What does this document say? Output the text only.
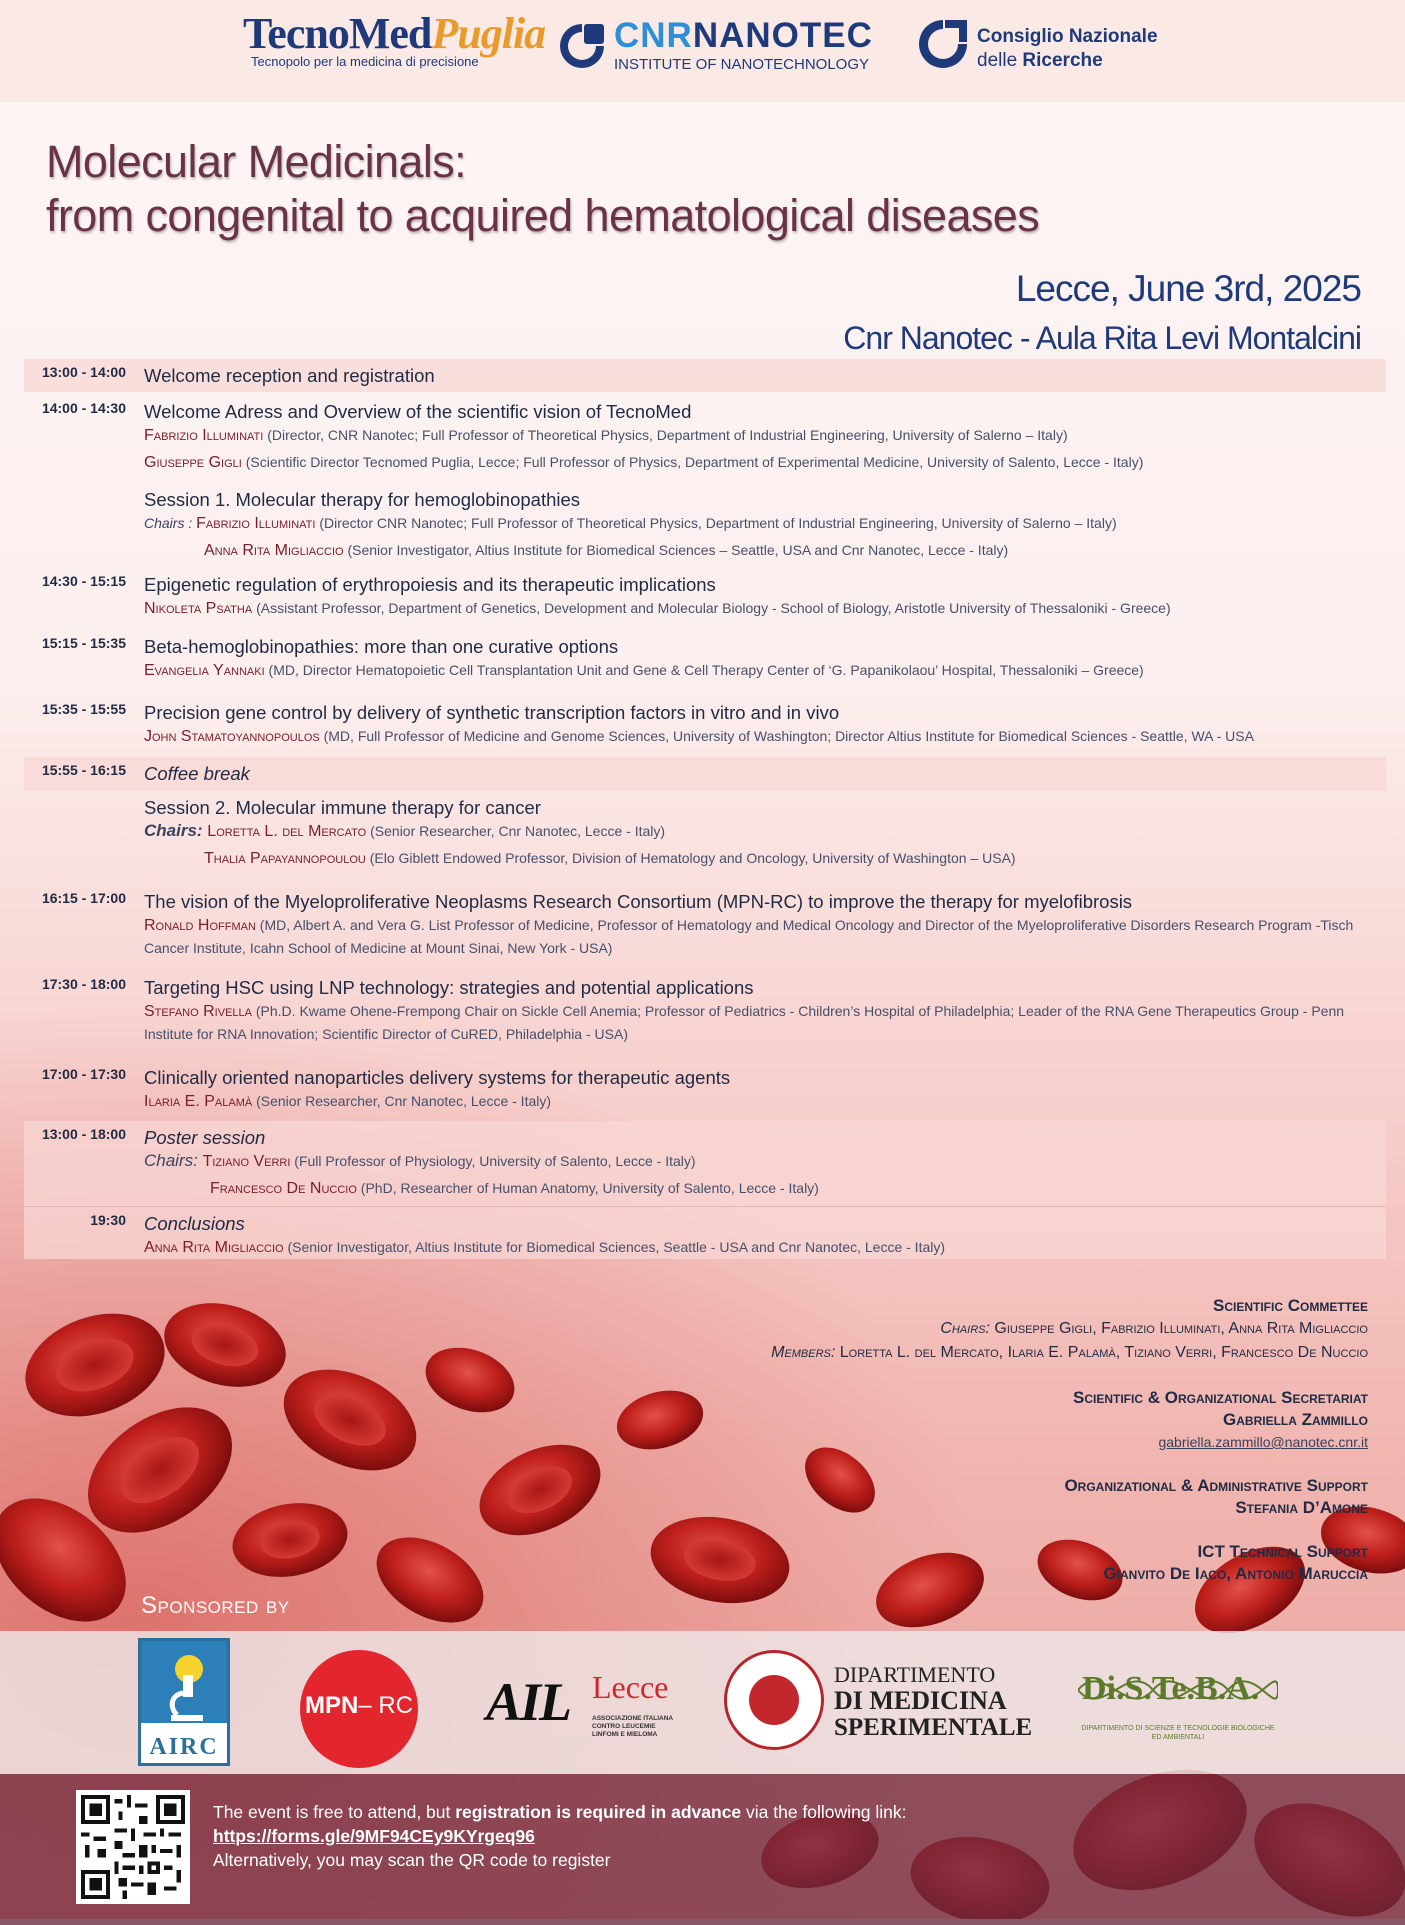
TecnoMedPuglia
Tecnopolo per la medicina di precisione
CNRNANOTEC
INSTITUTE OF NANOTECHNOLOGY
Consiglio Nazionale
delle Ricerche
Molecular Medicinals:
from congenital to acquired hematological diseases
Lecce, June 3rd, 2025
Cnr Nanotec - Aula Rita Levi Montalcini
13:00 - 14:00 Welcome reception and registration
14:00 - 14:30 Welcome Adress and Overview of the scientific vision of TecnoMed
Fabrizio Illuminati (Director, CNR Nanotec; Full Professor of Theoretical Physics, Department of Industrial Engineering, University of Salerno – Italy)
Giuseppe Gigli (Scientific Director Tecnomed Puglia, Lecce; Full Professor of Physics, Department of Experimental Medicine, University of Salento, Lecce - Italy)
Session 1. Molecular therapy for hemoglobinopathies
Chairs : Fabrizio Illuminati (Director CNR Nanotec; Full Professor of Theoretical Physics, Department of Industrial Engineering, University of Salerno – Italy)
Anna Rita Migliaccio (Senior Investigator, Altius Institute for Biomedical Sciences – Seattle, USA and Cnr Nanotec, Lecce - Italy)
14:30 - 15:15 Epigenetic regulation of erythropoiesis and its therapeutic implications
Nikoleta Psatha (Assistant Professor, Department of Genetics, Development and Molecular Biology - School of Biology, Aristotle University of Thessaloniki - Greece)
15:15 - 15:35 Beta-hemoglobinopathies: more than one curative options
Evangelia Yannaki (MD, Director Hematopoietic Cell Transplantation Unit and Gene & Cell Therapy Center of ‘G. Papanikolaou’ Hospital, Thessaloniki – Greece)
15:35 - 15:55 Precision gene control by delivery of synthetic transcription factors in vitro and in vivo
John Stamatoyannopoulos (MD, Full Professor of Medicine and Genome Sciences, University of Washington; Director Altius Institute for Biomedical Sciences - Seattle, WA - USA
15:55 - 16:15 Coffee break
Session 2. Molecular immune therapy for cancer
Chairs: Loretta L. del Mercato (Senior Researcher, Cnr Nanotec, Lecce - Italy)
Thalia Papayannopoulou (Elo Giblett Endowed Professor, Division of Hematology and Oncology, University of Washington – USA)
16:15 - 17:00 The vision of the Myeloproliferative Neoplasms Research Consortium (MPN-RC) to improve the therapy for myelofibrosis
Ronald Hoffman (MD, Albert A. and Vera G. List Professor of Medicine, Professor of Hematology and Medical Oncology and Director of the Myeloproliferative Disorders Research Program -Tisch Cancer Institute, Icahn School of Medicine at Mount Sinai, New York - USA)
17:30 - 18:00 Targeting HSC using LNP technology: strategies and potential applications
Stefano Rivella (Ph.D. Kwame Ohene-Frempong Chair on Sickle Cell Anemia; Professor of Pediatrics - Children’s Hospital of Philadelphia; Leader of the RNA Gene Therapeutics Group - Penn Institute for RNA Innovation; Scientific Director of CuRED, Philadelphia - USA)
17:00 - 17:30 Clinically oriented nanoparticles delivery systems for therapeutic agents
Ilaria E. Palamà (Senior Researcher, Cnr Nanotec, Lecce - Italy)
13:00 - 18:00 Poster session
Chairs: Tiziano Verri (Full Professor of Physiology, University of Salento, Lecce - Italy)
Francesco De Nuccio (PhD, Researcher of Human Anatomy, University of Salento, Lecce - Italy)
19:30 Conclusions
Anna Rita Migliaccio (Senior Investigator, Altius Institute for Biomedical Sciences, Seattle - USA and Cnr Nanotec, Lecce - Italy)
Scientific Commettee
Chairs: Giuseppe Gigli, Fabrizio Illuminati, Anna Rita Migliaccio
Members: Loretta L. del Mercato, Ilaria E. Palamà, Tiziano Verri, Francesco De Nuccio
Scientific & Organizational Secretariat
Gabriella Zammillo
gabriella.zammillo@nanotec.cnr.it
Organizational & Administrative Support
Stefania D’Amone
ICT Technical Support
Gianvito De Iaco, Antonio Maruccia
Sponsored by
AIRC
MPN– RC AIL Lecce
ASSOCIAZIONE ITALIANA CONTRO LEUCEMIE LINFOMI E MIELOMA
DIPARTIMENTO
DI MEDICINA
SPERIMENTALE
Di.S.Te.B.A.
DIPARTIMENTO DI SCIENZE E TECNOLOGIE BIOLOGICHE ED AMBIENTALI
The event is free to attend, but registration is required in advance via the following link:
https://forms.gle/9MF94CEy9KYrgeq96
Alternatively, you may scan the QR code to register
